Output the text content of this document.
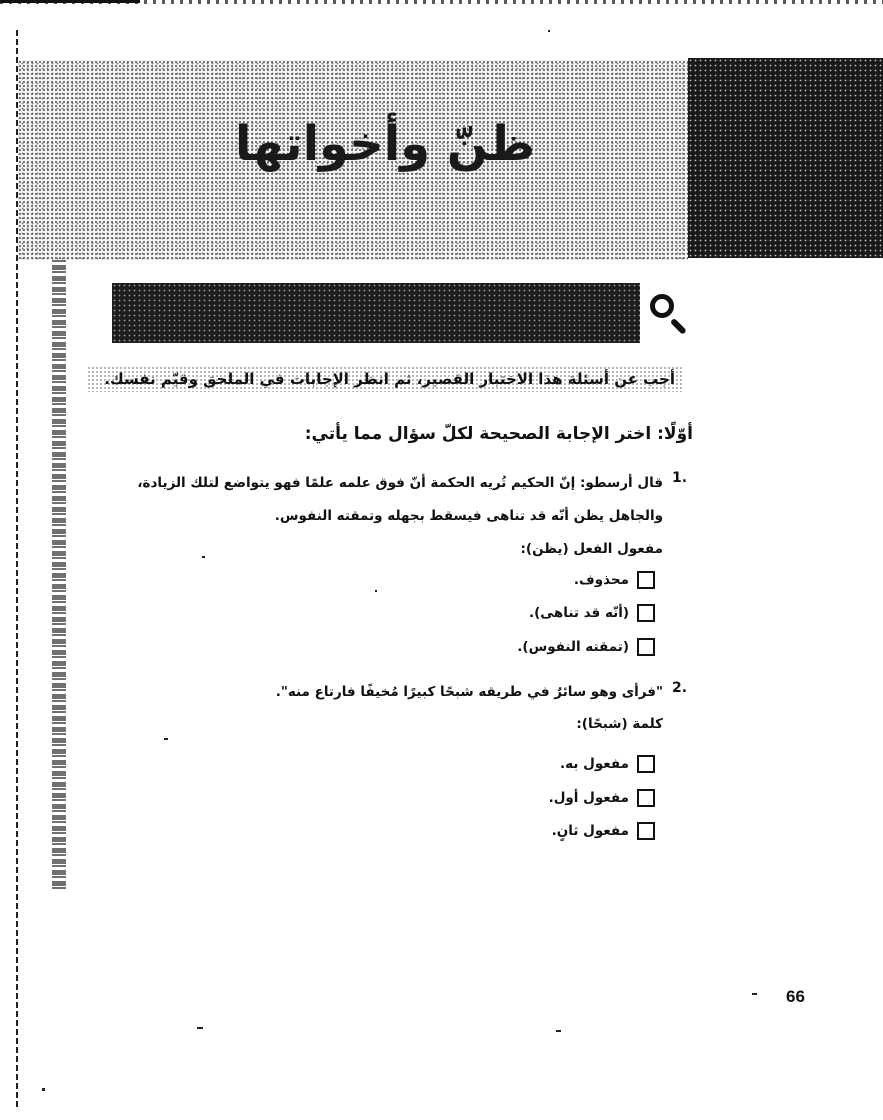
ظنّ وأخواتها

أجب عن أسئلة هذا الاختبار القصير، ثم انظر الإجابات في الملحق وقيّم نفسك.

أوّلًا: اختر الإجابة الصحيحة لكلّ سؤال مما يأتي:

1.

قال أرسطو: إنّ الحكيم تُريه الحكمة أنّ فوق علمه علمًا فهو يتواضع لتلك الزيادة،

والجاهل يظن أنّه قد تناهى فيسقط بجهله وتمقته النفوس.

مفعول الفعل (يظن):

محذوف.
(أنّه قد تناهى).
(تمقته النفوس).
2.

"فرأى وهو سائرٌ في طريقه شبحًا كبيرًا مُخيفًا فارتاع منه".

كلمة (شبحًا):

مفعول به.
مفعول أول.
مفعول ثانٍ.
66
